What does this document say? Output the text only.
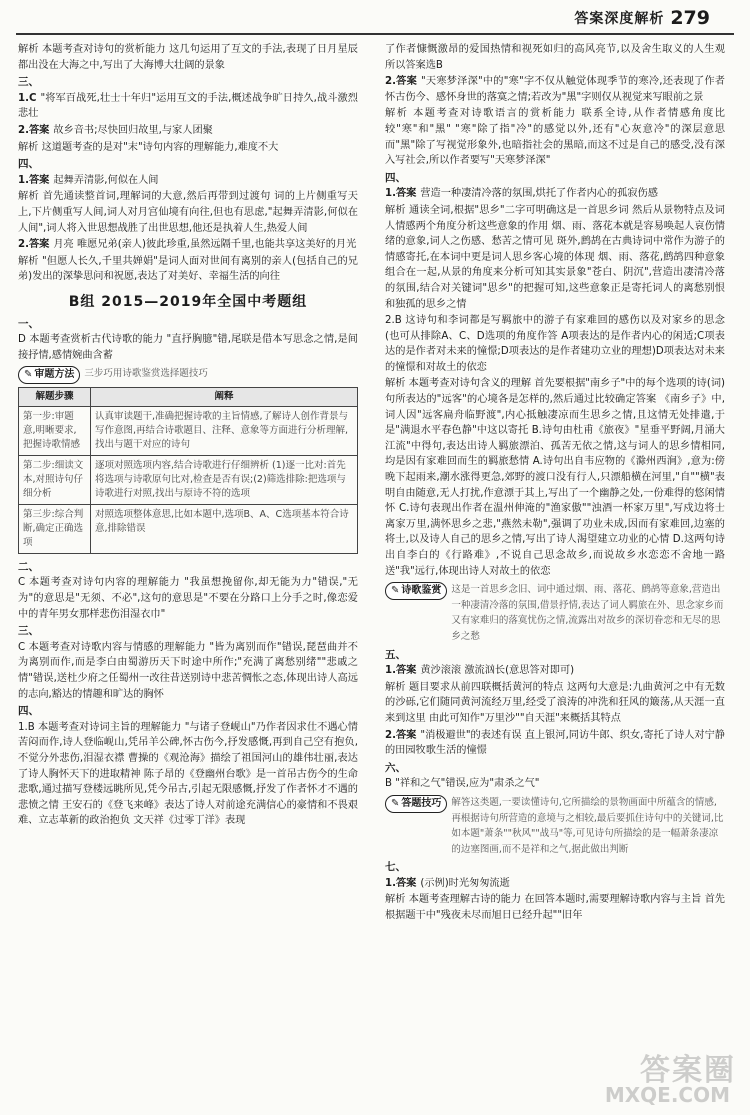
答案深度解析 279

解析 本题考查对诗句的赏析能力 这几句运用了互文的手法,表现了日月星辰都出没在大海之中,写出了大海博大壮阔的景象

三、

1.C "将军百战死,壮士十年归"运用互文的手法,概述战争旷日持久,战斗激烈悲壮

2.答案 故乡音书;尽快回归故里,与家人团聚

解析 这道题考查的是对"末"诗句内容的理解能力,难度不大

四、

1.答案 起舞弄清影,何似在人间

解析 首先通读整首词,理解词的大意,然后再带到过渡句 词的上片侧重写天上,下片侧重写人间,词人对月宫仙境有向往,但也有思虑,"起舞弄清影,何似在人间",词人将入世思想战胜了出世思想,他还是执着人生,热爱人间

2.答案 月亮 唯愿兄弟(亲人)彼此珍重,虽然远隔千里,也能共享这美好的月光

解析 "但愿人长久,千里共婵娟"是词人面对世间有离别的亲人(包括自己的兄弟)发出的深挚思问和祝愿,表达了对美好、幸福生活的向往

B组 2015—2019年全国中考题组

一、

D 本题考查赏析古代诗歌的能力 "直抒胸臆"错,尾联是借本写思念之情,是间接抒情,感情婉曲含蓄

✎ 审题方法 三步巧用诗歌鉴赏选择题技巧
解题步骤	阐释
第一步:审题意,明晰要求,把握诗歌情感	认真审读题干,准确把握诗歌的主旨情感,了解诗人创作背景与写作意图,再结合诗歌题目、注释、意象等方面进行分析理解,找出与题干对应的诗句
第二步:细读文本,对照诗句仔细分析	逐项对照选项内容,结合诗歌进行仔细辨析 (1)逐一比对:首先将选项与诗歌原句比对,检查是否有误;(2)筛选排除:把选项与诗歌进行对照,找出与原诗不符的选项
第三步:综合判断,确定正确选项	对照选项整体意思,比如本题中,选项B、A、C选项基本符合诗意,排除错误

二、

C 本题考查对诗句内容的理解能力 "我虽想挽留你,却无能为力"错误,"无为"的意思是"无须、不必",这句的意思是"不要在分路口上分手之时,像恋爱中的青年男女那样悲伤泪湿衣巾"

三、

C 本题考查对诗歌内容与情感的理解能力 "皆为离别而作"错误,琵琶曲并不为离别而作,而是李白由蜀游历天下时途中所作;"充满了离愁别绪""悲戚之情"错误,送杜少府之任蜀州一改往昔送别诗中悲苦惆怅之态,体现出诗人高远的志向,豁达的情趣和旷达的胸怀

四、

1.B 本题考查对诗词主旨的理解能力 "与诸子登岘山"乃作者因求仕不遇心情苦闷而作,诗人登临岘山,凭吊羊公碑,怀古伤今,抒发感慨,再到自己空有抱负,不觉分外悲伤,泪湿衣襟 曹操的《观沧海》描绘了祖国河山的雄伟壮丽,表达了诗人胸怀天下的进取精神 陈子昂的《登幽州台歌》是一首吊古伤今的生命悲歌,通过描写登楼远眺所见,凭今吊古,引起无限感慨,抒发了作者怀才不遇的悲愤之情 王安石的《登飞来峰》表达了诗人对前途充满信心的豪情和不畏艰难、立志革新的政治抱负 文天祥《过零丁洋》表现

了作者慷慨激昂的爱国热情和视死如归的高风亮节,以及舍生取义的人生观 所以答案选B

2.答案 "天寒梦泽深"中的"寒"字不仅从触觉体现季节的寒冷,还表现了作者怀古伤今、感怀身世的落寞之情;若改为"黑"字则仅从视觉来写眼前之景

解析 本题考查对诗歌语言的赏析能力 联系全诗,从作者情感角度比较"寒"和"黑" "寒"除了指"冷"的感觉以外,还有"心灰意冷"的深层意思 而"黑"除了写视觉形象外,也暗指社会的黑暗,而这不过是自己的感受,没有深入写社会,所以作者要写"天寒梦泽深"

四、

1.答案 营造一种凄清冷落的氛围,烘托了作者内心的孤寂伤感

解析 通读全词,根据"思乡"二字可明确这是一首思乡词 然后从景物特点及词人情感两个角度分析这些意象的作用 烟、雨、落花本就是容易唤起人哀伤情绪的意象,词人之伤感、愁苦之情可见 斑外,鹧鸪在古典诗词中常作为游子的情感寄托,在本词中更是词人思乡客心境的体现 烟、雨、落花,鹧鸪四种意象组合在一起,从景的角度来分析可知其实景象"苍白、阴沉",营造出凄清冷落的氛围,结合对关键词"思乡"的把握可知,这些意象正是寄托词人的离愁别恨和独孤的思乡之情

2.B 这诗句和李词都是写羁旅中的游子有家难回的感伤以及对家乡的思念 (也可从排除A、C、D选项的角度作答 A项表达的是作者内心的闲适;C项表达的是作者对未来的憧憬;D项表达的是作者建功立业的理想)D项表达对未来的憧憬和对故土的依恋

解析 本题考查对诗句含义的理解 首先要根据"南乡子"中的每个选项的诗(词)句所表达的"远客"的心境各是怎样的,然后通过比较确定答案 《南乡子》中,词人因"远客扁舟临野渡",内心抵触凄凉而生思乡之情,且这情无处排遣,于是"满退水平春色静"中这以寄托 B.诗句由杜甫《旅夜》"星垂平野阔,月涌大江流"中得句,表达出诗人羁旅漂泊、孤苦无依之情,这与词人的思乡情相同,均是因有家难回而生的羁旅愁情 A.诗句出自韦应物的《滁州西涧》,意为:傍晚下起雨来,潮水涨得更急,郊野的渡口没有行人,只漂船横在河里,"自""横"表明自由随意,无人打扰,作意漂于其上,写出了一个幽静之处,一份难得的悠闲情怀 C.诗句表现出作者在温州伸淹的"渔家傲""浊酒一杯家万里",写戍边将士离家万里,满怀思乡之悲,"燕然未勒",强调了功业未成,因而有家难回,边塞的将士,以及诗人自己的思乡之情,写出了诗人渴望建立功业的心情 D.这两句诗出自李白的《行路难》,不说自己思念故乡,而说故乡水恋恋不舍地一路送"我"远行,体现出诗人对故土的依恋

✎ 诗歌鉴赏 这是一首思乡念旧、词中通过烟、雨、落花、鹧鸪等意象,营造出一种凄清冷落的氛围,借景抒情,表达了词人羁旅在外、思念家乡而又有家难归的落寞忧伤之情,流露出对故乡的深切眷恋和无尽的思乡之愁

五、

1.答案 黄沙滚滚 激流汹长(意思答对即可)

解析 题目要求从前四联概括黄河的特点 这两句大意是:九曲黄河之中有无数的沙砾,它们随同黄河流经万里,经受了浪涛的冲洗和狂风的簸荡,从天涯一直来到这里 由此可知作"万里沙""自天涯"来概括其特点

2.答案 "消极避世"的表述有误 直上银河,同访牛郎、织女,寄托了诗人对宁静的田园牧歌生活的憧憬

六、

B "祥和之气"错误,应为"肃杀之气"

✎ 答题技巧 解答这类题,一要读懂诗句,它所描绘的景物画面中所蕴含的情感,再根据诗句所营造的意境与之相较,最后要抓住诗句中的关键词,比如本题"萧条""秋风""战马"等,可见诗句所描绘的是一幅萧条凄凉的边塞图画,而不是祥和之气,据此做出判断

七、

1.答案 (示例)时光匆匆流逝

解析 本题考查理解古诗的能力 在回答本题时,需要理解诗歌内容与主旨 首先根据题干中"残夜未尽而旭日已经升起""旧年

答案圈
MXQE.COM
